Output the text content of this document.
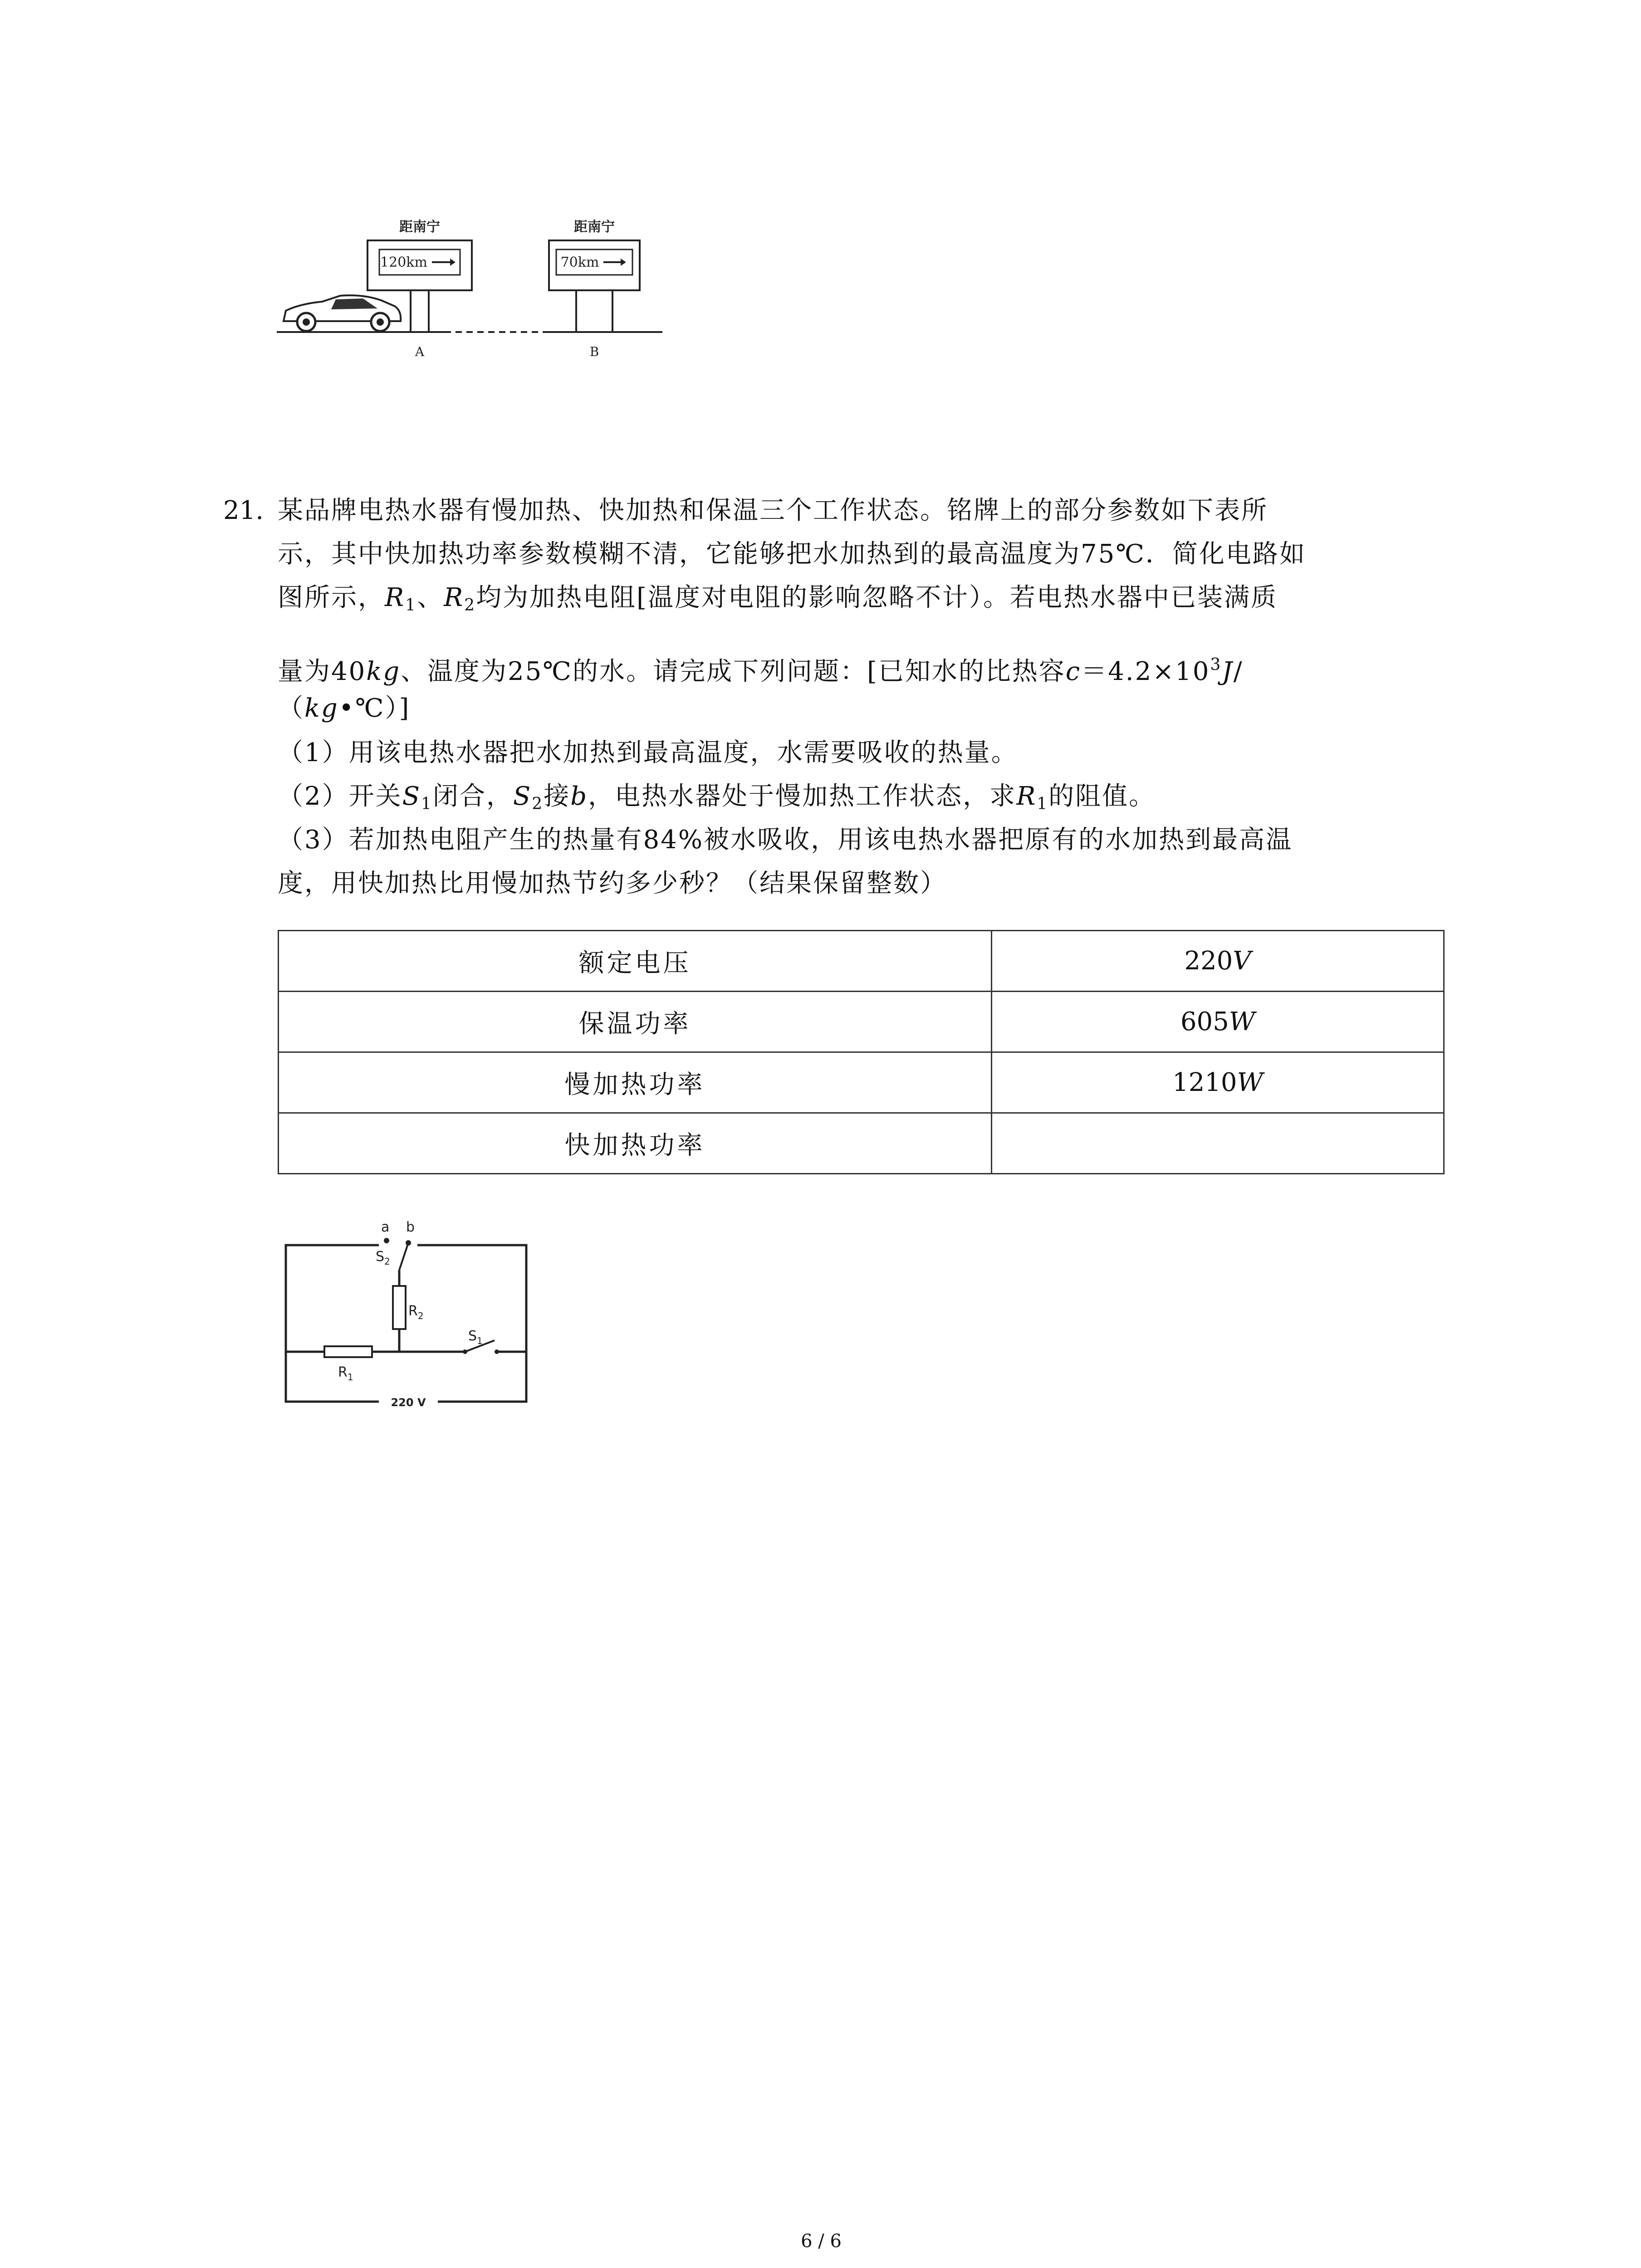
距南宁
120km
距南宁
70km
A	B
21. 某品牌电热水器有慢加热、快加热和保温三个工作状态。铭牌上的部分参数如下表所
示，其中快加热功率参数模糊不清，它能够把水加热到的最高温度为75℃．简化电路如
图所示，$R_1$、$R_2$均为加热电阻[温度对电阻的影响忽略不计）。若电热水器中已装满质
量为40kg、温度为25℃的水。请完成下列问题：[已知水的比热容$c=4.2\times 10^3J/$
（kg•℃）]
（1）用该电热水器把水加热到最高温度，水需要吸收的热量。
（2）开关$S_1$闭合，$S_2$接b，电热水器处于慢加热工作状态，求$R_1$的阻值。
（3）若加热电阻产生的热量有84%被水吸收，用该电热水器把原有的水加热到最高温
度，用快加热比用慢加热节约多少秒？（结果保留整数）
额定电压	220V
保温功率	605W
慢加热功率	1210W
快加热功率	
a b
$S_2$
$R_2$
$R_1$
$S_1$
220 V
6 / 6
